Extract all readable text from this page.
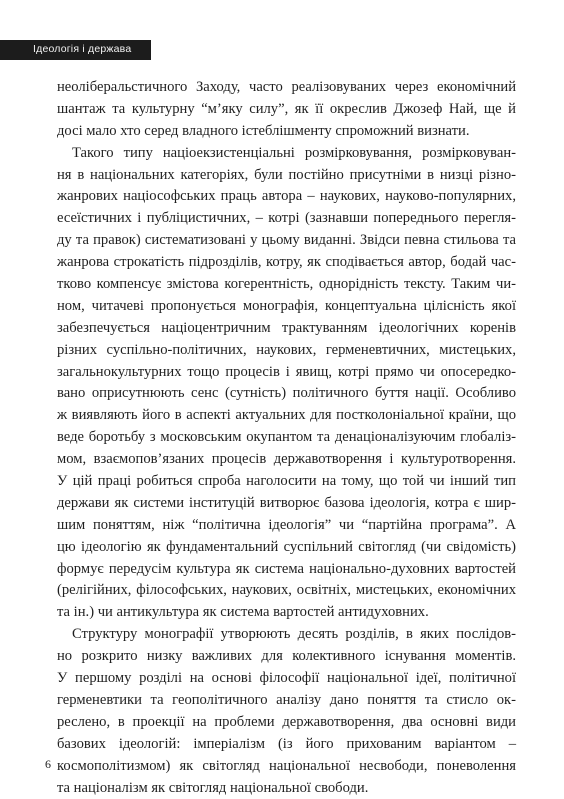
Ідеологія і держава
неоліберальстичного Заходу, часто реалізовуваних через економічний
шантаж та культурну “м’яку силу”, як її окреслив Джозеф Най, ще й
досі мало хто серед владного істеблішменту спроможний визнати.
Такого типу націоекзистенціальні розмірковування, розмірковуван-
ня в національних категоріях, були постійно присутніми в низці різно-
жанрових націософських праць автора – наукових, науково-популярних,
есеїстичних і публіцистичних, – котрі (зазнавши попереднього перегля-
ду та правок) систематизовані у цьому виданні. Звідси певна стильова та
жанрова строкатість підрозділів, котру, як сподівається автор, бодай час-
тково компенсує змістова когерентність, однорідність тексту. Таким чи-
ном, читачеві пропонується монографія, концептуальна цілісність якої
забезпечується націоцентричним трактуванням ідеологічних коренів
різних суспільно-політичних, наукових, герменевтичних, мистецьких,
загальнокультурних тощо процесів і явищ, котрі прямо чи опосередко-
вано оприсутнюють сенс (сутність) політичного буття нації. Особливо
ж виявляють його в аспекті актуальних для постколоніальної країни, що
веде боротьбу з московським окупантом та денаціоналізуючим глобаліз-
мом, взаємопов’язаних процесів державотворення і культуротворення.
У цій праці робиться спроба наголосити на тому, що той чи інший тип
держави як системи інституцій витворює базова ідеологія, котра є шир-
шим поняттям, ніж “політична ідеологія” чи “партійна програма”. А
цю ідеологію як фундаментальний суспільний світогляд (чи свідомість)
формує передусім культура як система національно-духовних вартостей
(релігійних, філософських, наукових, освітніх, мистецьких, економічних
та ін.) чи антикультура як система вартостей антидуховних.
Структуру монографії утворюють десять розділів, в яких послідов-
но розкрито низку важливих для колективного існування моментів.
У першому розділі на основі філософії національної ідеї, політичної
герменевтики та геополітичного аналізу дано поняття та стисло ок-
реслено, в проекції на проблеми державотворення, два основні види
базових ідеологій: імперіалізм (із його прихованим варіантом –
космополітизмом) як світогляд національної несвободи, поневолення
та націоналізм як світогляд національної свободи.
6
